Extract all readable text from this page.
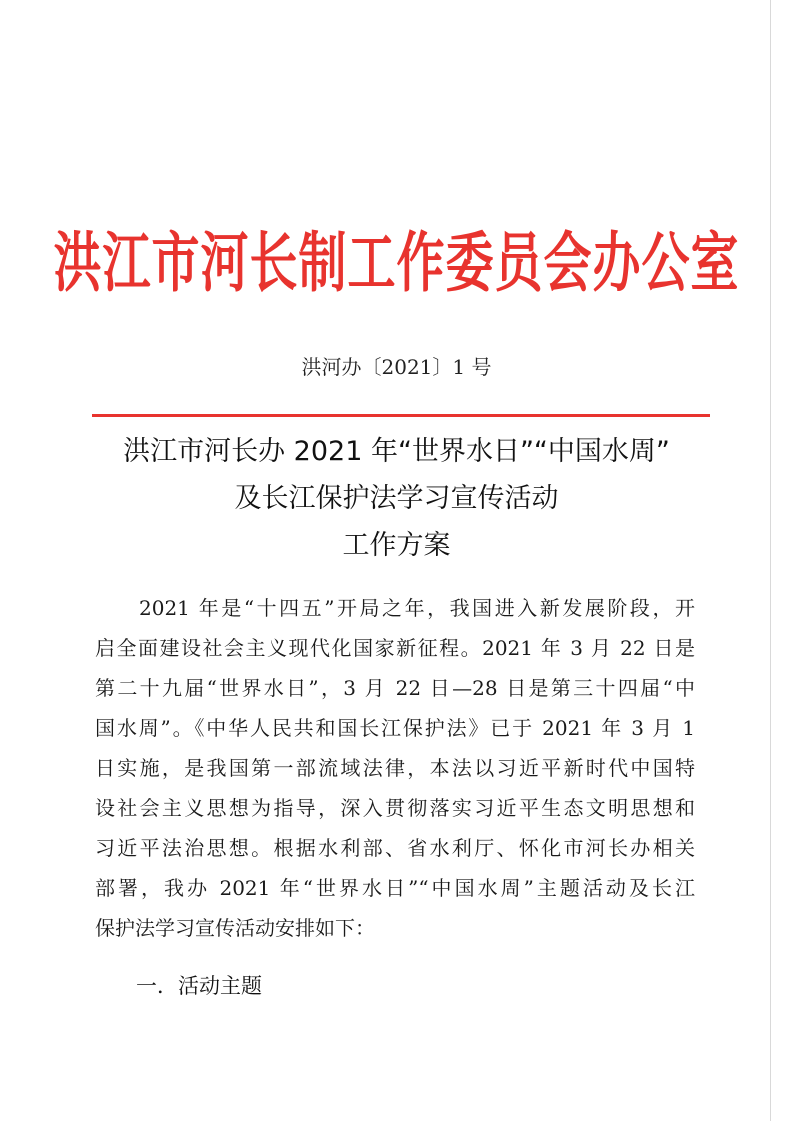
洪江市河长制工作委员会办公室
洪河办〔2021〕1 号
洪江市河长办 2021 年“世界水日”“中国水周”
及长江保护法学习宣传活动
工作方案
2021 年是“十四五”开局之年，我国进入新发展阶段，开
启全面建设社会主义现代化国家新征程。2021 年 3 月 22 日是
第二十九届“世界水日”，3 月 22 日—28 日是第三十四届“中
国水周”。《中华人民共和国长江保护法》已于 2021 年 3 月 1
日实施，是我国第一部流域法律，本法以习近平新时代中国特
设社会主义思想为指导，深入贯彻落实习近平生态文明思想和
习近平法治思想。根据水利部、省水利厅、怀化市河长办相关
部署，我办 2021 年“世界水日”“中国水周”主题活动及长江
保护法学习宣传活动安排如下：
一．活动主题
